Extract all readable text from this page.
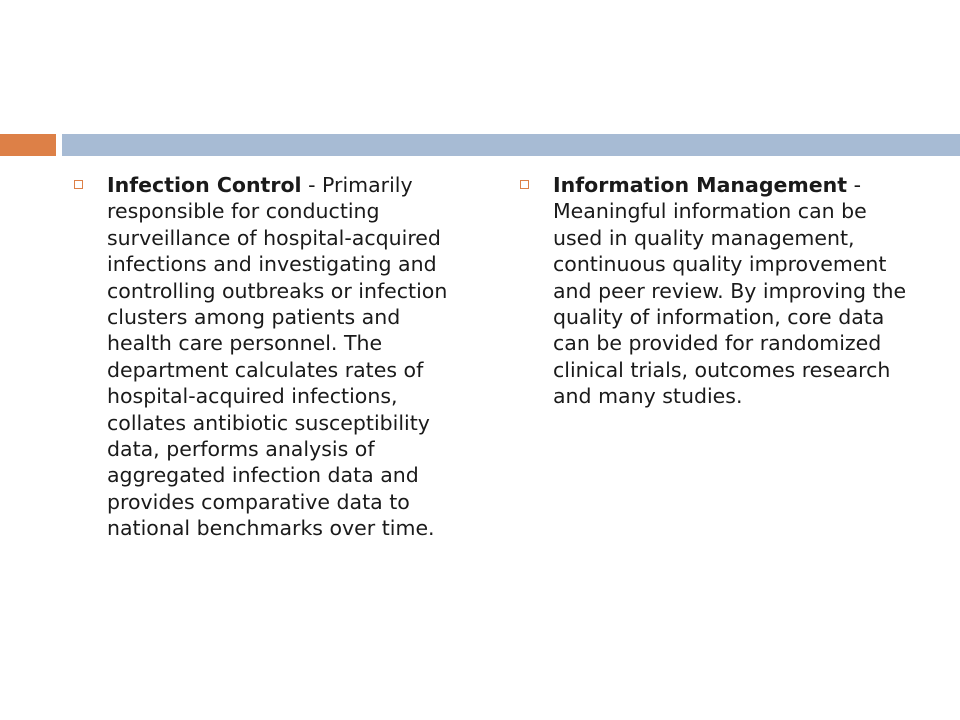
Infection Control - Primarily responsible for conducting surveillance of hospital-acquired infections and investigating and controlling outbreaks or infection clusters among patients and health care personnel. The department calculates rates of hospital-acquired infections, collates antibiotic susceptibility data, performs analysis of aggregated infection data and provides comparative data to national benchmarks over time.
Information Management - Meaningful information can be used in quality management, continuous quality improvement and peer review. By improving the quality of information, core data can be provided for randomized clinical trials, outcomes research and many studies.
